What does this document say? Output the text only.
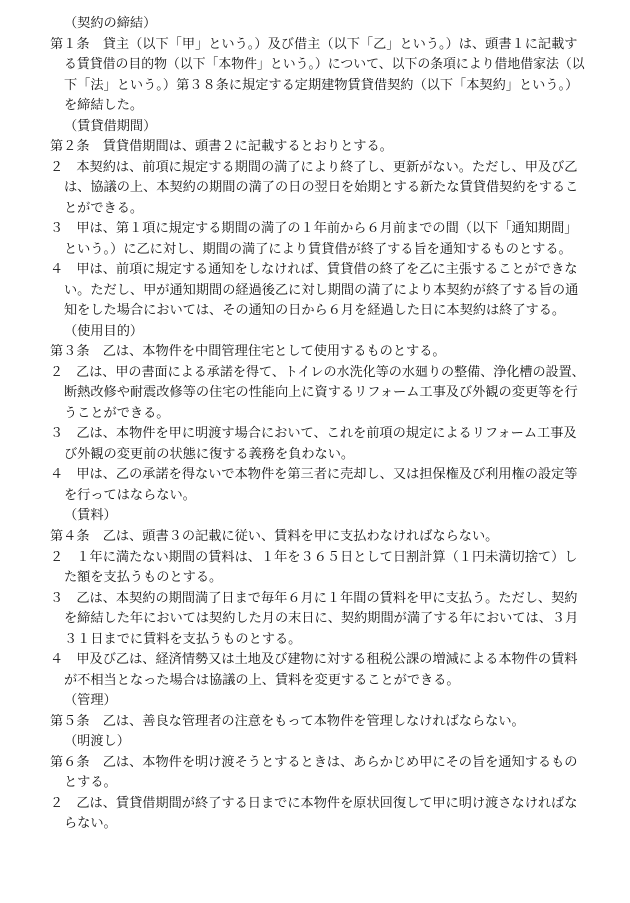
（契約の締結）

第１条　貸主（以下「甲」という。）及び借主（以下「乙」という。）は、頭書１に記載す

る賃貸借の目的物（以下「本物件」という。）について、以下の条項により借地借家法（以

下「法」という。）第３８条に規定する定期建物賃貸借契約（以下「本契約」という。）

を締結した。

（賃貸借期間）

第２条　賃貸借期間は、頭書２に記載するとおりとする。

２　本契約は、前項に規定する期間の満了により終了し、更新がない。ただし、甲及び乙

は、協議の上、本契約の期間の満了の日の翌日を始期とする新たな賃貸借契約をするこ

とができる。

３　甲は、第１項に規定する期間の満了の１年前から６月前までの間（以下「通知期間」

という。）に乙に対し、期間の満了により賃貸借が終了する旨を通知するものとする。

４　甲は、前項に規定する通知をしなければ、賃貸借の終了を乙に主張することができな

い。ただし、甲が通知期間の経過後乙に対し期間の満了により本契約が終了する旨の通

知をした場合においては、その通知の日から６月を経過した日に本契約は終了する。

（使用目的）

第３条　乙は、本物件を中間管理住宅として使用するものとする。

２　乙は、甲の書面による承諾を得て、トイレの水洗化等の水廻りの整備、浄化槽の設置、

断熱改修や耐震改修等の住宅の性能向上に資するリフォーム工事及び外観の変更等を行

うことができる。

３　乙は、本物件を甲に明渡す場合において、これを前項の規定によるリフォーム工事及

び外観の変更前の状態に復する義務を負わない。

４　甲は、乙の承諾を得ないで本物件を第三者に売却し、又は担保権及び利用権の設定等

を行ってはならない。

（賃料）

第４条　乙は、頭書３の記載に従い、賃料を甲に支払わなければならない。

２　１年に満たない期間の賃料は、１年を３６５日として日割計算（１円未満切捨て）し

た額を支払うものとする。

３　乙は、本契約の期間満了日まで毎年６月に１年間の賃料を甲に支払う。ただし、契約

を締結した年においては契約した月の末日に、契約期間が満了する年においては、３月

３１日までに賃料を支払うものとする。

４　甲及び乙は、経済情勢又は土地及び建物に対する租税公課の増減による本物件の賃料

が不相当となった場合は協議の上、賃料を変更することができる。

（管理）

第５条　乙は、善良な管理者の注意をもって本物件を管理しなければならない。

（明渡し）

第６条　乙は、本物件を明け渡そうとするときは、あらかじめ甲にその旨を通知するもの

とする。

２　乙は、賃貸借期間が終了する日までに本物件を原状回復して甲に明け渡さなければな

らない。
